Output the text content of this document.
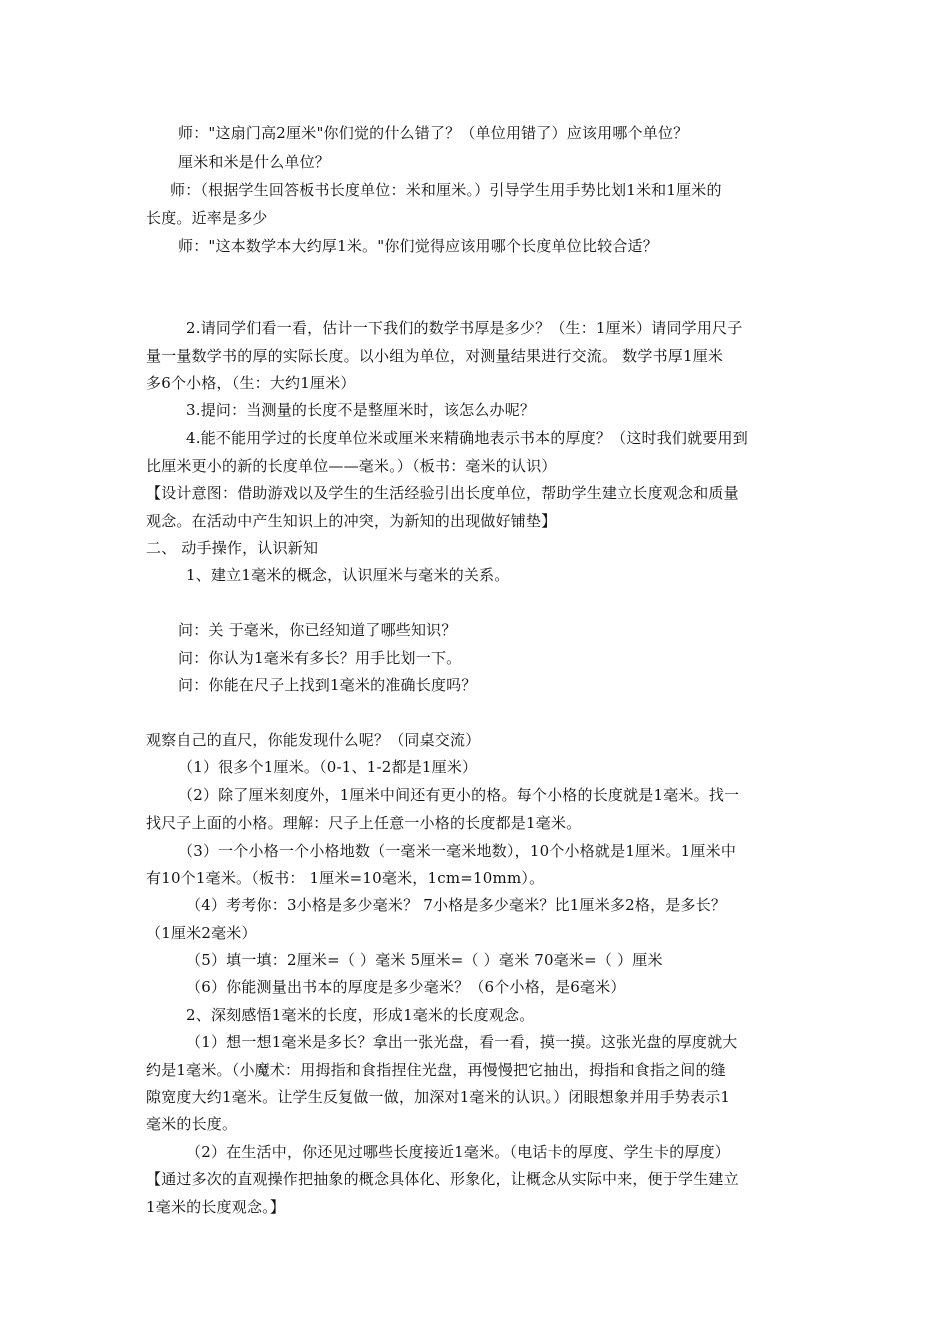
师："这扇门高2厘米"你们觉的什么错了？（单位用错了）应该用哪个单位？
厘米和米是什么单位？
师：（根据学生回答板书长度单位：米和厘米。）引导学生用手势比划1米和1厘米的
长度。近率是多少
师："这本数学本大约厚1米。"你们觉得应该用哪个长度单位比较合适？
2.请同学们看一看，估计一下我们的数学书厚是多少？（生：1厘米）请同学用尺子
量一量数学书的厚的实际长度。以小组为单位，对测量结果进行交流。 数学书厚1厘米
多6个小格，（生：大约1厘米）
3.提问：当测量的长度不是整厘米时，该怎么办呢？
4.能不能用学过的长度单位米或厘米来精确地表示书本的厚度？（这时我们就要用到
比厘米更小的新的长度单位——毫米。）（板书：毫米的认识）
【设计意图：借助游戏以及学生的生活经验引出长度单位，帮助学生建立长度观念和质量
观念。在活动中产生知识上的冲突，为新知的出现做好铺垫】
二、 动手操作，认识新知
1、建立1毫米的概念，认识厘米与毫米的关系。
问：关 于毫米，你已经知道了哪些知识？
问：你认为1毫米有多长？用手比划一下。
问：你能在尺子上找到1毫米的准确长度吗？
观察自己的直尺，你能发现什么呢？（同桌交流）
（1）很多个1厘米。（0-1、1-2都是1厘米）
（2）除了厘米刻度外，1厘米中间还有更小的格。每个小格的长度就是1毫米。找一
找尺子上面的小格。理解：尺子上任意一小格的长度都是1毫米。
（3）一个小格一个小格地数（一毫米一毫米地数），10个小格就是1厘米。1厘米中
有10个1毫米。（板书： 1厘米=10毫米，1cm=10mm）。
（4）考考你：3小格是多少毫米？ 7小格是多少毫米？比1厘米多2格，是多长？
（1厘米2毫米）
（5）填一填：2厘米=（ ）毫米 5厘米=（ ）毫米 70毫米=（ ）厘米
（6）你能测量出书本的厚度是多少毫米？（6个小格，是6毫米）
2、深刻感悟1毫米的长度，形成1毫米的长度观念。
（1）想一想1毫米是多长？拿出一张光盘，看一看，摸一摸。这张光盘的厚度就大
约是1毫米。（小魔术：用拇指和食指捏住光盘，再慢慢把它抽出，拇指和食指之间的缝
隙宽度大约1毫米。让学生反复做一做，加深对1毫米的认识。）闭眼想象并用手势表示1
毫米的长度。
（2）在生活中，你还见过哪些长度接近1毫米。（电话卡的厚度、学生卡的厚度）
【通过多次的直观操作把抽象的概念具体化、形象化，让概念从实际中来，便于学生建立
1毫米的长度观念。】
